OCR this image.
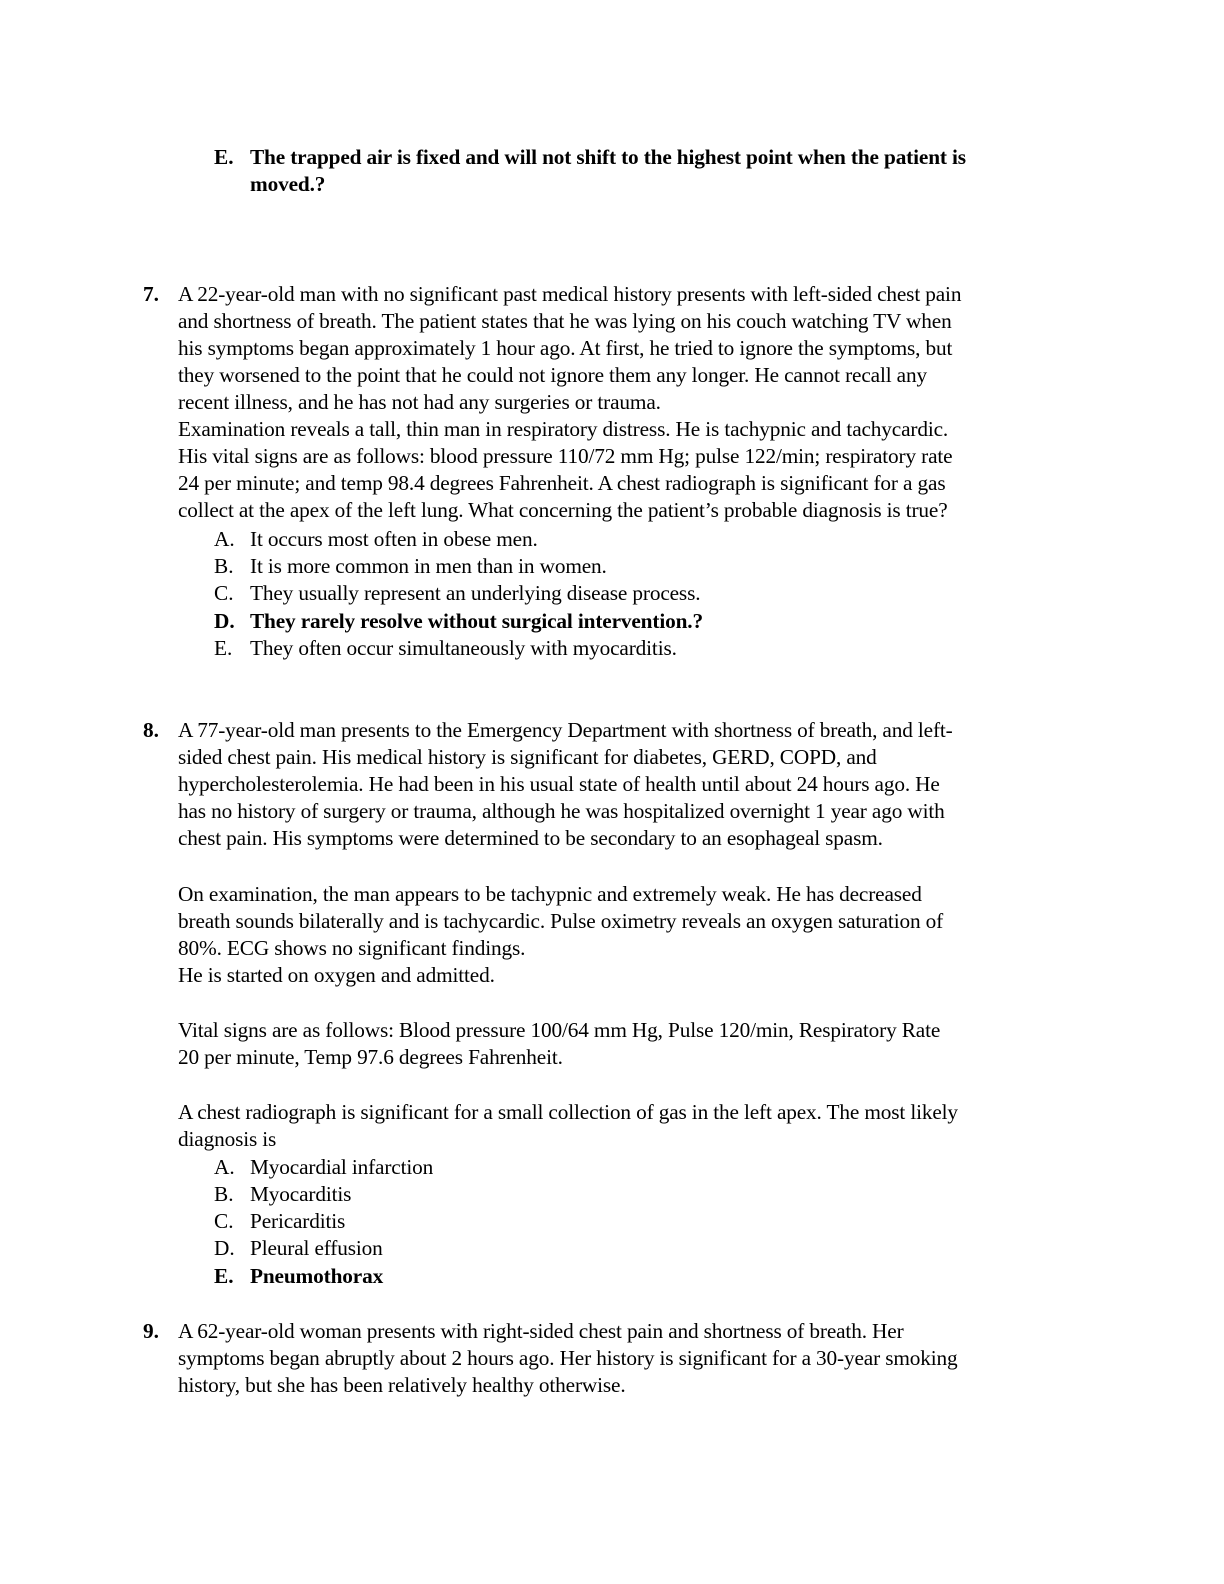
E. The trapped air is fixed and will not shift to the highest point when the patient is
moved.?
7. A 22-year-old man with no significant past medical history presents with left-sided chest pain
and shortness of breath. The patient states that he was lying on his couch watching TV when
his symptoms began approximately 1 hour ago. At first, he tried to ignore the symptoms, but
they worsened to the point that he could not ignore them any longer. He cannot recall any
recent illness, and he has not had any surgeries or trauma.
Examination reveals a tall, thin man in respiratory distress. He is tachypnic and tachycardic.
His vital signs are as follows: blood pressure 110/72 mm Hg; pulse 122/min; respiratory rate
24 per minute; and temp 98.4 degrees Fahrenheit. A chest radiograph is significant for a gas
collect at the apex of the left lung. What concerning the patient’s probable diagnosis is true?
A. It occurs most often in obese men.
B. It is more common in men than in women.
C. They usually represent an underlying disease process.
D. They rarely resolve without surgical intervention.?
E. They often occur simultaneously with myocarditis.
8. A 77-year-old man presents to the Emergency Department with shortness of breath, and left-
sided chest pain. His medical history is significant for diabetes, GERD, COPD, and
hypercholesterolemia. He had been in his usual state of health until about 24 hours ago. He
has no history of surgery or trauma, although he was hospitalized overnight 1 year ago with
chest pain. His symptoms were determined to be secondary to an esophageal spasm.
On examination, the man appears to be tachypnic and extremely weak. He has decreased
breath sounds bilaterally and is tachycardic. Pulse oximetry reveals an oxygen saturation of
80%. ECG shows no significant findings.
He is started on oxygen and admitted.
Vital signs are as follows: Blood pressure 100/64 mm Hg, Pulse 120/min, Respiratory Rate
20 per minute, Temp 97.6 degrees Fahrenheit.
A chest radiograph is significant for a small collection of gas in the left apex. The most likely
diagnosis is
A. Myocardial infarction
B. Myocarditis
C. Pericarditis
D. Pleural effusion
E. Pneumothorax
9. A 62-year-old woman presents with right-sided chest pain and shortness of breath. Her
symptoms began abruptly about 2 hours ago. Her history is significant for a 30-year smoking
history, but she has been relatively healthy otherwise.
